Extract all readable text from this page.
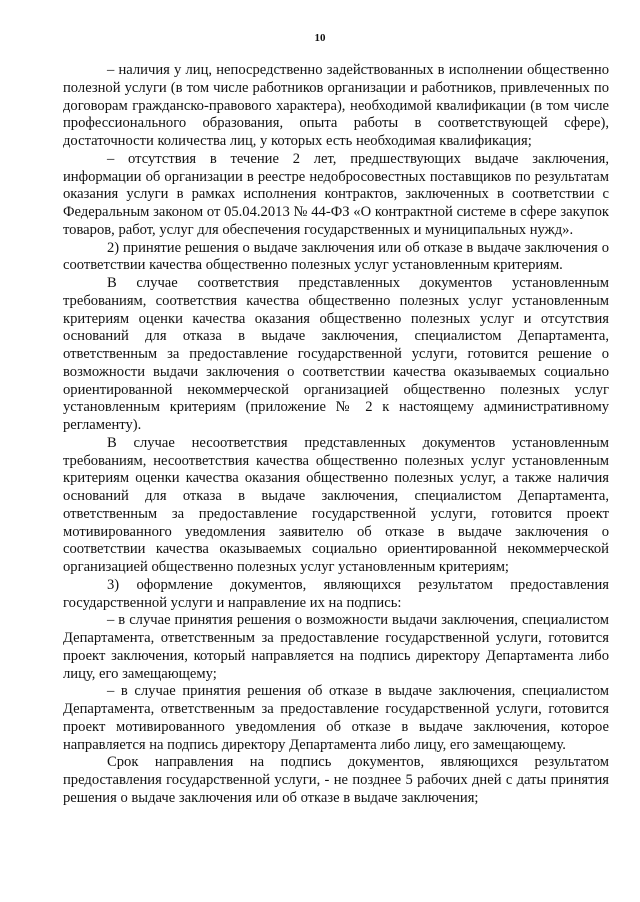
10

– наличия у лиц, непосредственно задействованных в исполнении общественно полезной услуги (в том числе работников организации и работников, привлеченных по договорам гражданско-правового характера), необходимой квалификации (в том числе профессионального образования, опыта работы в соответствующей сфере), достаточности количества лиц, у которых есть необходимая квалификация;

– отсутствия в течение 2 лет, предшествующих выдаче заключения, информации об организации в реестре недобросовестных поставщиков по результатам оказания услуги в рамках исполнения контрактов, заключенных в соответствии с Федеральным законом от 05.04.2013 № 44-ФЗ «О контрактной системе в сфере закупок товаров, работ, услуг для обеспечения государственных и муниципальных нужд».

2) принятие решения о выдаче заключения или об отказе в выдаче заключения о соответствии качества общественно полезных услуг установленным критериям.

В случае соответствия представленных документов установленным требованиям, соответствия качества общественно полезных услуг установленным критериям оценки качества оказания общественно полезных услуг и отсутствия оснований для отказа в выдаче заключения, специалистом Департамента, ответственным за предоставление государственной услуги, готовится решение о возможности выдачи заключения о соответствии качества оказываемых социально ориентированной некоммерческой организацией общественно полезных услуг установленным критериям (приложение № 2 к настоящему административному регламенту).

В случае несоответствия представленных документов установленным требованиям, несоответствия качества общественно полезных услуг установленным критериям оценки качества оказания общественно полезных услуг, а также наличия оснований для отказа в выдаче заключения, специалистом Департамента, ответственным за предоставление государственной услуги, готовится проект мотивированного уведомления заявителю об отказе в выдаче заключения о соответствии качества оказываемых социально ориентированной некоммерческой организацией общественно полезных услуг установленным критериям;

3) оформление документов, являющихся результатом предоставления государственной услуги и направление их на подпись:

– в случае принятия решения о возможности выдачи заключения, специалистом Департамента, ответственным за предоставление государственной услуги, готовится проект заключения, который направляется на подпись директору Департамента либо лицу, его замещающему;

– в случае принятия решения об отказе в выдаче заключения, специалистом Департамента, ответственным за предоставление государственной услуги, готовится проект мотивированного уведомления об отказе в выдаче заключения, которое направляется на подпись директору Департамента либо лицу, его замещающему.

Срок направления на подпись документов, являющихся результатом предоставления государственной услуги, - не позднее 5 рабочих дней с даты принятия решения о выдаче заключения или об отказе в выдаче заключения;
